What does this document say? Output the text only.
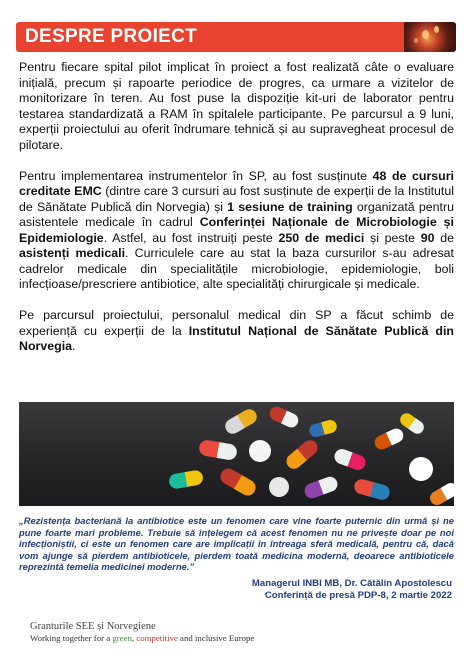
DESPRE PROIECT

Pentru fiecare spital pilot implicat în proiect a fost realizată câte o evaluare inițială, precum și rapoarte periodice de progres, ca urmare a vizitelor de monitorizare în teren. Au fost puse la dispoziție kit-uri de laborator pentru testarea standardizată a RAM în spitalele participante. Pe parcursul a 9 luni, experții proiectului au oferit îndrumare tehnică și au supravegheat procesul de pilotare.

Pentru implementarea instrumentelor în SP, au fost susținute 48 de cursuri creditate EMC (dintre care 3 cursuri au fost susținute de experții de la Institutul de Sănătate Publică din Norvegia) și 1 sesiune de training organizată pentru asistentele medicale în cadrul Conferinței Naționale de Microbiologie și Epidemiologie. Astfel, au fost instruiți peste 250 de medici și peste 90 de asistenți medicali. Curriculele care au stat la baza cursurilor s-au adresat cadrelor medicale din specialitățile microbiologie, epidemiologie, boli infecțioase/prescriere antibiotice, alte specialități chirurgicale și medicale.

Pe parcursul proiectului, personalul medical din SP a făcut schimb de experiență cu experții de la Institutul Național de Sănătate Publică din Norvegia.

„Rezistența bacteriană la antibiotice este un fenomen care vine foarte puternic din urmă și ne pune foarte mari probleme. Trebuie să înțelegem că acest fenomen nu ne privește doar pe noi infecționiștii, ci este un fenomen care are implicații în întreaga sferă medicală, pentru că, dacă vom ajunge să pierdem antibioticele, pierdem toată medicina modernă, deoarece antibioticele reprezintă temelia medicinei moderne.”
Managerul INBI MB, Dr. Cătălin Apostolescu
Conferință de presă PDP-8, 2 martie 2022
Granturile SEE și Norvegiene
Working together for a green, competitive and inclusive Europe
